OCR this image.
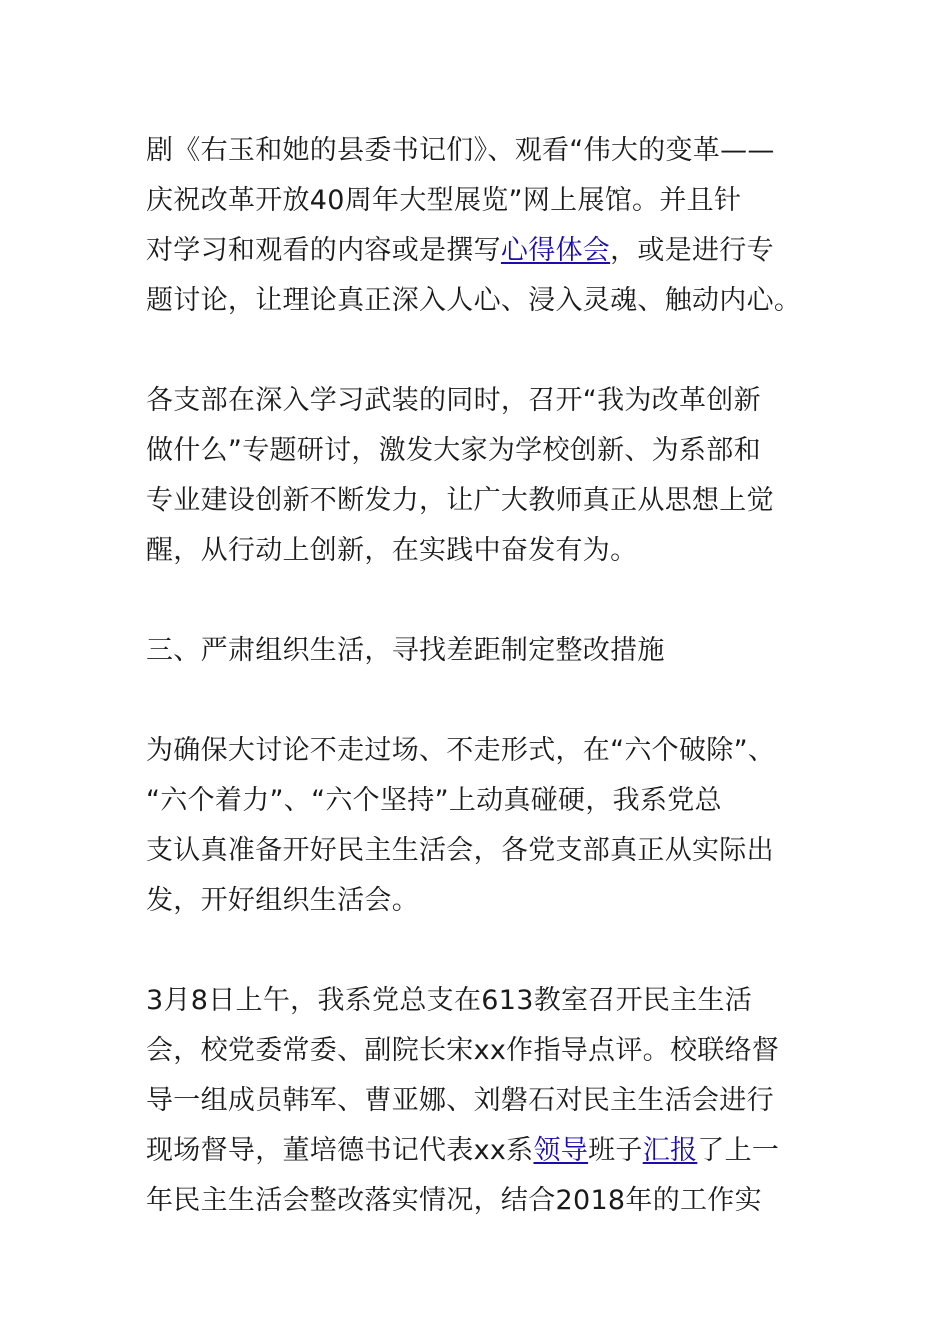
剧《右玉和她的县委书记们》、观看“伟大的变革——
庆祝改革开放40周年大型展览”网上展馆。并且针
对学习和观看的内容或是撰写心得体会，或是进行专
题讨论，让理论真正深入人心、浸入灵魂、触动内心。

各支部在深入学习武装的同时，召开“我为改革创新
做什么”专题研讨，激发大家为学校创新、为系部和
专业建设创新不断发力，让广大教师真正从思想上觉
醒，从行动上创新，在实践中奋发有为。

三、严肃组织生活，寻找差距制定整改措施

为确保大讨论不走过场、不走形式，在“六个破除”、
“六个着力”、“六个坚持”上动真碰硬，我系党总
支认真准备开好民主生活会，各党支部真正从实际出
发，开好组织生活会。

3月8日上午，我系党总支在613教室召开民主生活
会，校党委常委、副院长宋xx作指导点评。校联络督
导一组成员韩军、曹亚娜、刘磐石对民主生活会进行
现场督导，董培德书记代表xx系领导班子汇报了上一
年民主生活会整改落实情况，结合2018年的工作实
